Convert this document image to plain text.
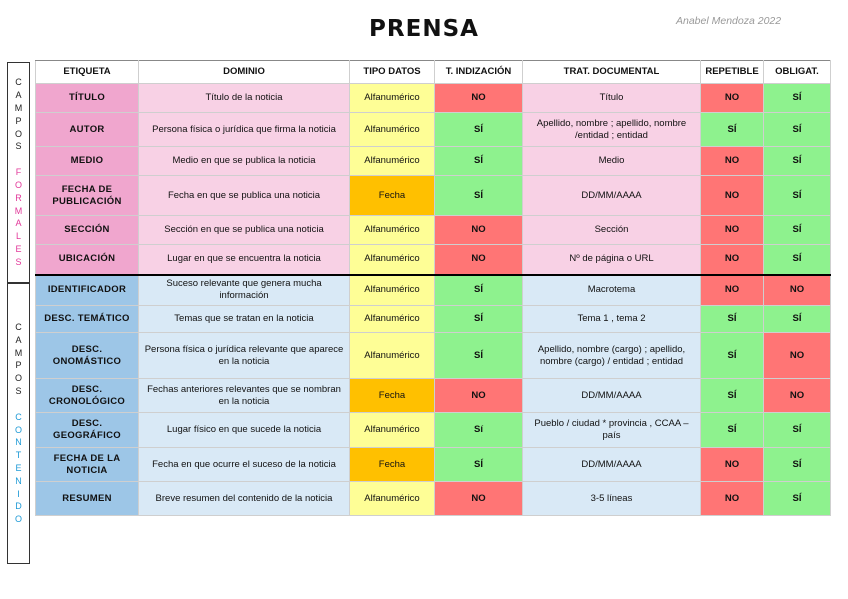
PRENSA	Anabel Mendoza 2022
C
A
M
P
O
S
F
O
R
M
A
L
E
S
C
A
M
P
O
S
C
O
N
T
E
N
I
D
O
ETIQUETA	DOMINIO	TIPO DATOS	T. INDIZACIÓN	TRAT. DOCUMENTAL	REPETIBLE	OBLIGAT.
TÍTULO	Título de la noticia	Alfanumérico	NO	Título	NO	SÍ
AUTOR	Persona física o jurídica que firma la noticia	Alfanumérico	SÍ	Apellido, nombre ; apellido, nombre /entidad ; entidad	SÍ	SÍ
MEDIO	Medio en que se publica la noticia	Alfanumérico	SÍ	Medio	NO	SÍ
FECHA DE PUBLICACIÓN	Fecha en que se publica una noticia	Fecha	SÍ	DD/MM/AAAA	NO	SÍ
SECCIÓN	Sección en que se publica una noticia	Alfanumérico	NO	Sección	NO	SÍ
UBICACIÓN	Lugar en que se encuentra la noticia	Alfanumérico	NO	Nº de página o URL	NO	SÍ
IDENTIFICADOR	Suceso relevante que genera mucha información	Alfanumérico	SÍ	Macrotema	NO	NO
DESC. TEMÁTICO	Temas que se tratan en la noticia	Alfanumérico	SÍ	Tema 1 , tema 2	SÍ	SÍ
DESC. ONOMÁSTICO	Persona física o jurídica relevante que aparece en la noticia	Alfanumérico	SÍ	Apellido, nombre (cargo) ; apellido, nombre (cargo) / entidad ; entidad	SÍ	NO
DESC. CRONOLÓGICO	Fechas anteriores relevantes que se nombran en la noticia	Fecha	NO	DD/MM/AAAA	SÍ	NO
DESC. GEOGRÁFICO	Lugar físico en que sucede la noticia	Alfanumérico	Sí	Pueblo / ciudad * provincia , CCAA – país	SÍ	SÍ
FECHA DE LA NOTICIA	Fecha en que ocurre el suceso de la noticia	Fecha	SÍ	DD/MM/AAAA	NO	SÍ
RESUMEN	Breve resumen del contenido de la noticia	Alfanumérico	NO	3-5 líneas	NO	SÍ
